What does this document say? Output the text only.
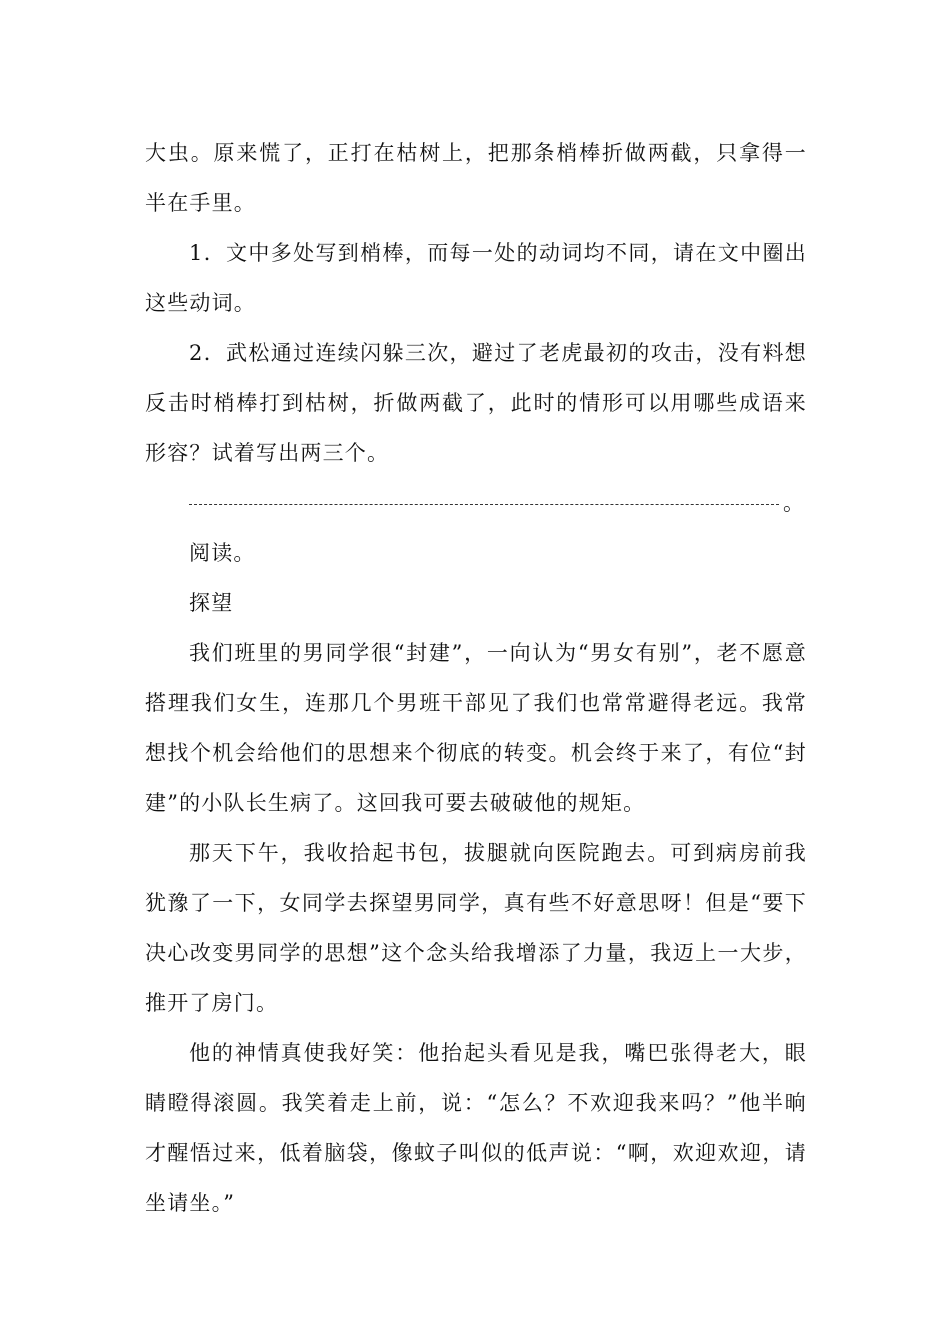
大虫。原来慌了，正打在枯树上，把那条梢棒折做两截，只拿得一半在手里。

1．文中多处写到梢棒，而每一处的动词均不同，请在文中圈出这些动词。

2．武松通过连续闪躲三次，避过了老虎最初的攻击，没有料想反击时梢棒打到枯树，折做两截了，此时的情形可以用哪些成语来形容？试着写出两三个。

。

阅读。

探望

我们班里的男同学很“封建”，一向认为“男女有别”，老不愿意搭理我们女生，连那几个男班干部见了我们也常常避得老远。我常想找个机会给他们的思想来个彻底的转变。机会终于来了，有位“封建”的小队长生病了。这回我可要去破破他的规矩。

那天下午，我收拾起书包，拔腿就向医院跑去。可到病房前我犹豫了一下，女同学去探望男同学，真有些不好意思呀！但是“要下决心改变男同学的思想”这个念头给我增添了力量，我迈上一大步，推开了房门。

他的神情真使我好笑：他抬起头看见是我，嘴巴张得老大，眼睛瞪得滚圆。我笑着走上前，说：“怎么？不欢迎我来吗？”他半晌才醒悟过来，低着脑袋，像蚊子叫似的低声说：“啊，欢迎欢迎，请坐请坐。”
